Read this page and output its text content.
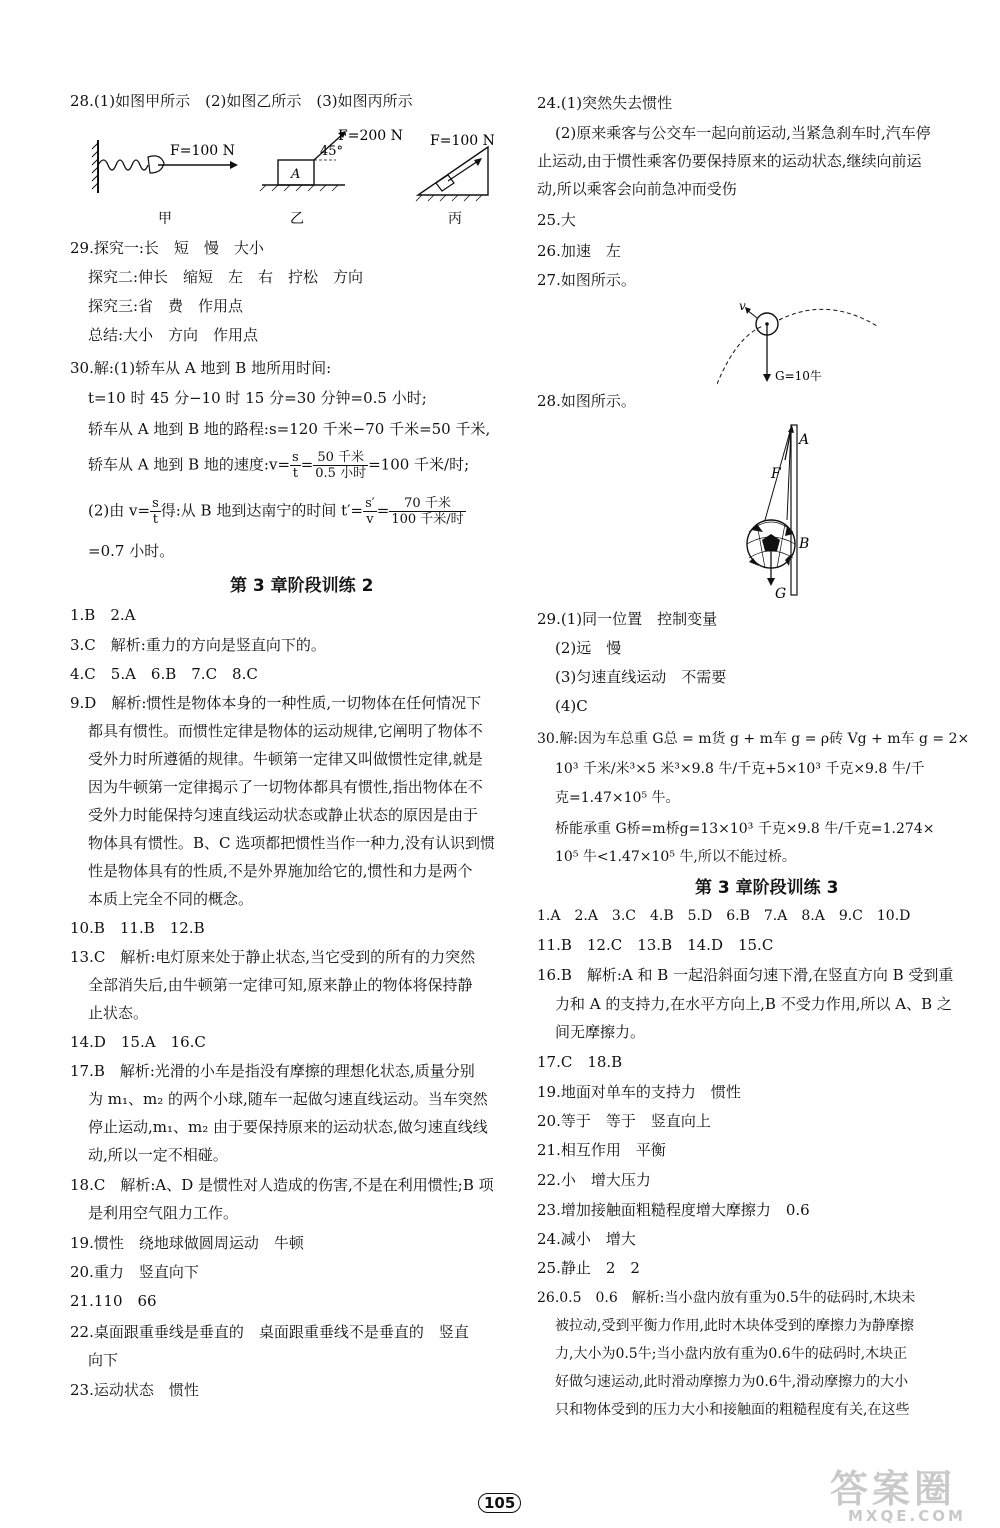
28.(1)如图甲所示　(2)如图乙所示　(3)如图丙所示
F=100 N
甲
A
45°
F=200 N
乙
F=100 N
丙
29.探究一:长　短　慢　大小
探究二:伸长　缩短　左　右　拧松　方向
探究三:省　费　作用点
总结:大小　方向　作用点
30.解:(1)轿车从 A 地到 B 地所用时间:
t=10 时 45 分−10 时 15 分=30 分钟=0.5 小时;
轿车从 A 地到 B 地的路程:s=120 千米−70 千米=50 千米,
轿车从 A 地到 B 地的速度:v= $\frac{s}{t} = 50$ 千米
0.5 小时 =100 千米/时;
(2)由 $v= \frac{s}{t}$ 得:从 B 地到达南宁的时间 $t'= \frac{s'}{v}$ =	70 千米
100 千米/时
=0.7 小时。
第 3 章阶段训练 2
1.B　2.A
3.C　解析:重力的方向是竖直向下的。
4.C　5.A　6.B　7.C　8.C
9.D　解析:惯性是物体本身的一种性质,一切物体在任何情况下
都具有惯性。而惯性定律是物体的运动规律,它阐明了物体不
受外力时所遵循的规律。牛顿第一定律又叫做惯性定律,就是
因为牛顿第一定律揭示了一切物体都具有惯性,指出物体在不
受外力时能保持匀速直线运动状态或静止状态的原因是由于
物体具有惯性。B、C 选项都把惯性当作一种力,没有认识到惯
性是物体具有的性质,不是外界施加给它的,惯性和力是两个
本质上完全不同的概念。
10.B　11.B　12.B
13.C　解析:电灯原来处于静止状态,当它受到的所有的力突然
全部消失后,由牛顿第一定律可知,原来静止的物体将保持静
止状态。
14.D　15.A　16.C
17.B　解析:光滑的小车是指没有摩擦的理想化状态,质量分别
为 m₁、m₂ 的两个小球,随车一起做匀速直线运动。当车突然
停止运动,m₁、m₂ 由于要保持原来的运动状态,做匀速直线线
动,所以一定不相碰。
18.C　解析:A、D 是惯性对人造成的伤害,不是在利用惯性;B 项
是利用空气阻力工作。
19.惯性　绕地球做圆周运动　牛顿
20.重力　竖直向下
21.110　66
22.桌面跟重垂线是垂直的　桌面跟重垂线不是垂直的　竖直
向下
23.运动状态　惯性
24.(1)突然失去惯性
(2)原来乘客与公交车一起向前运动,当紧急刹车时,汽车停
止运动,由于惯性乘客仍要保持原来的运动状态,继续向前运
动,所以乘客会向前急冲而受伤
25.大
26.加速　左
27.如图所示。
v
G=10牛
28.如图所示。
A
F
B
G
29.(1)同一位置　控制变量
(2)远　慢
(3)匀速直线运动　不需要
(4)C
30.解:因为车总重 G总 = m货 g + m车 g = ρ砖 Vg + m车 g = 2×
10³ 千米/米³×5 米³×9.8 牛/千克+5×10³ 千克×9.8 牛/千
克=1.47×10⁵ 牛。
桥能承重 G桥=m桥g=13×10³ 千克×9.8 牛/千克=1.274×
10⁵ 牛<1.47×10⁵ 牛,所以不能过桥。
第 3 章阶段训练 3
1.A　2.A　3.C　4.B　5.D　6.B　7.A　8.A　9.C　10.D
11.B　12.C　13.B　14.D　15.C
16.B　解析:A 和 B 一起沿斜面匀速下滑,在竖直方向 B 受到重
力和 A 的支持力,在水平方向上,B 不受力作用,所以 A、B 之
间无摩擦力。
17.C　18.B
19.地面对单车的支持力　惯性
20.等于　等于　竖直向上
21.相互作用　平衡
22.小　增大压力
23.增加接触面粗糙程度增大摩擦力　0.6
24.减小　增大
25.静止　2　2
26.0.5　0.6　解析:当小盘内放有重为0.5牛的砝码时,木块未
被拉动,受到平衡力作用,此时木块体受到的摩擦力为静摩擦
力,大小为0.5牛;当小盘内放有重为0.6牛的砝码时,木块正
好做匀速运动,此时滑动摩擦力为0.6牛,滑动摩擦力的大小
只和物体受到的压力大小和接触面的粗糙程度有关,在这些
105	答案圈
MXQE.COM
